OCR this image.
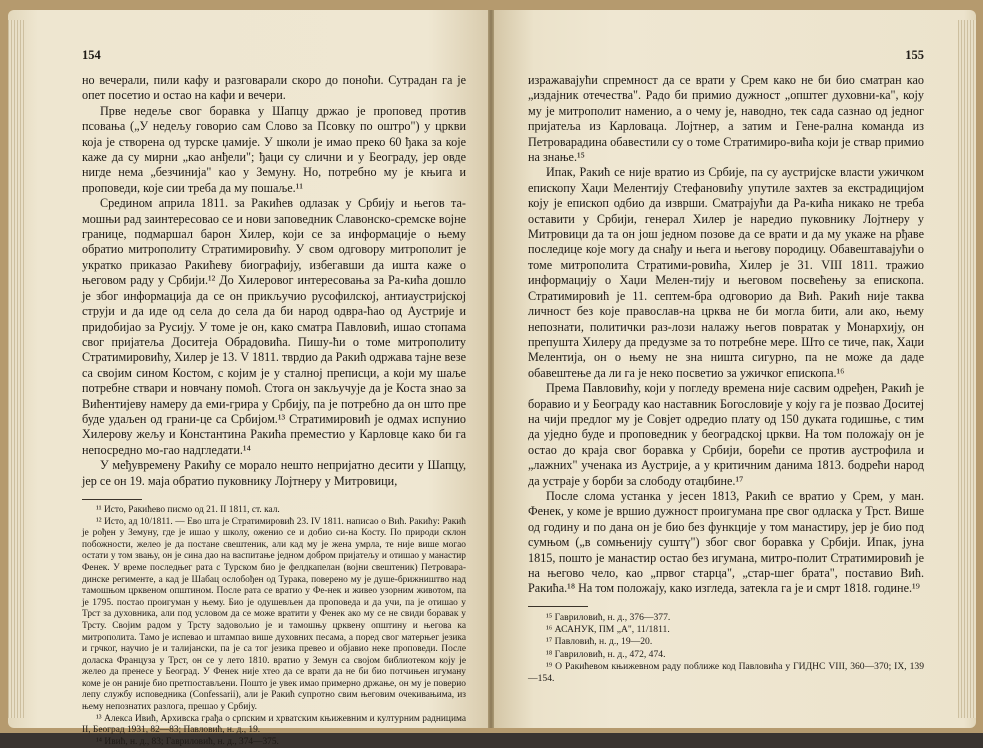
154

но вечерали, пили кафу и разговарали скоро до поноћи. Сутрадан га је опет посетио и остао на кафи и вечери.

Прве недеље свог боравка у Шапцу држао је проповед против псовања („У недељу говорио сам Слово за Псовку по оштро") у цркви која је створена од турске џамије. У школи је имао преко 60 ђака за које каже да су мирни „као анђели"; ђаци су слични и у Београду, јер овде нигде нема „безчинија" као у Земуну. Но, потребно му је књига и проповеди, које сии треба да му пошаље.¹¹

Средином априла 1811. за Ракићев одлазак у Србију и његов та-мошњи рад заинтересовао се и нови заповедник Славонско-сремске војне границе, подмаршал барон Хилер, који се за информације о њему обратио митрополиту Стратимировићу. У свом одговору митрополит је укратко приказао Ракићеву биографију, избегавши да ишта каже о његовом раду у Србији.¹² До Хилеровог интересовања за Ра-кића дошло је због информација да се он прикључио русофилској, антиаустријској струји и да иде од села до села да би народ одвра-ћао од Аустрије и придобијао за Русију. У томе је он, како сматра Павловић, ишао стопама свог пријатеља Доситеја Обрадовића. Пишу-ћи о томе митрополиту Стратимировићу, Хилер је 13. V 1811. тврдио да Ракић одржава тајне везе са својим сином Костом, с којим је у сталној преписци, а који му шаље потребне ствари и новчану помоћ. Стога он закључује да је Коста знао за Вићентијеву намеру да еми-грира у Србију, па је потребно да он што пре буде удаљен од грани-це са Србијом.¹³ Стратимировић је одмах испунио Хилерову жељу и Константина Ракића преместио у Карловце како би га непосредно мо-гао надгледати.¹⁴

У међувремену Ракићу се морало нешто непријатно десити у Шапцу, јер се он 19. маја обратио пуковнику Лојтнеру у Митровици,

¹¹ Исто, Ракићево писмо од 21. II 1811, ст. кал.

¹² Исто, ад 10/1811. — Ево шта је Стратимировић 23. IV 1811. написао о Вић. Ракићу: Ракић је рођен у Земуну, где је ишао у школу, оженио се и добио си-на Косту. По природи склон побожности, желео је да постане свештеник, али кад му је жена умрла, те није више могао остати у том звању, он је сина дао на васпитање једном добром пријатељу и отишао у манастир Фенек. У време последњег рата с Турском био је фелдкапелан (војни свештеник) Петроварa-динске регименте, а кад је Шабац ослобођен од Турака, поверено му је душе-брижништво над тамошњом црквеном општином. После рата се вратио у Фе-нек и живео узорним животом, па је 1795. постао проигуман у њему. Био је одушевљен да проповеда и да учи, па је отишао у Трст за духовника, али под условом да се може вратити у Фенек ако му се не свиди боравак у Трсту. Својим радом у Трсту задовољио је и тамошњу црквену општину и његова ка митрополита. Тамо је испевао и штампао више духовних песама, а поред свог матерњег језика и грчког, научио је и талијански, па је са тог језика превео и објавио неке проповеди. После доласка Француза у Трст, он се у лето 1810. вратио у Земун са својом библиотеком коју је желео да пренесе у Београд. У Фенек није хтео да се врати да не би био потчињен игуману коме је он раније био претпостављени. Пошто је увек имао примерно држање, он му је поверио лепу службу исповедника (Confessarii), али је Ракић супротно свим његовим очекивањима, из њему непознатих разлога, прешао у Србију.

¹³ Алекса Ивић, Архивска грађа о српским и хрватским књижевним и културним радницима II, Београд 1931, 82—83; Павловић, н. д., 19.

¹⁴ Ивић, н. д., 83; Гавриловић, н. д., 374—375.

155

изражавајући спремност да се врати у Срем како не би био сматран као „издајник отечества". Радо би примио дужност „општег духовни-ка", коју му је митрополит наменио, а о чему је, наводно, тек сада сазнао од једног пријатеља из Карловаца. Лојтнер, а затим и Гене-рална команда из Петроварадина обавестили су о томе Стратимиро-вића који је ствар примио на знање.¹⁵

Ипак, Ракић се није вратио из Србије, па су аустријске власти ужичком епископу Хаџи Мелентију Стефановићу упутиле захтев за екстрадицијом коју је епископ одбио да изврши. Сматрајући да Ра-кића никако не треба оставити у Србији, генерал Хилер је наредио пуковнику Лојтнеру у Митровици да та он још једном позове да се врати и да му укаже на рђаве последице које могу да снађу и њега и његову породицу. Обавештавајући о томе митрополита Стратими-ровића, Хилер је 31. VIII 1811. тражио информацију о Хаџи Мелен-тију и његовом посвећењу за епископа. Стратимировић је 11. септем-бра одговорио да Вић. Ракић није таква личност без које православ-на црква не би могла бити, али ако, њему непознати, политички раз-лози налажу његов повратак у Монархију, он препушта Хилеру да предузме за то потребне мере. Што се тиче, пак, Хаџи Мелентија, он о њему не зна ништа сигурно, па не може да даде обавештење да ли га је неко посветио за ужичког епископа.¹⁶

Према Павловићу, који у погледу времена није сасвим одређен, Ракић је боравио и у Београду као наставник Богословије у коју га је позвао Доситеј на чији предлог му је Совјет одредио плату од 150 дуката годишње, с тим да уједно буде и проповедник у београдској цркви. На том положају он је остао до краја свог боравка у Србији, борећи се против аустрофила и „лажних" ученака из Аустрије, а у критичним данима 1813. бодрећи народ да устраје у борби за слободу отаџбине.¹⁷

После слома устанка у јесен 1813, Ракић се вратио у Срем, у ман. Фенек, у коме је вршио дужност проигумана пре свог одласка у Трст. Више од годину и по дана он је био без функције у том манастиру, јер је био под сумњом („в сомњенију суштү") због свог боравка у Србији. Ипак, јуна 1815, пошто је манастир остао без игумана, митро-полит Стратимировић је на његово чело, као „првог старца", „стар-шег брата", поставио Вић. Ракића.¹⁸ На том положају, како изгледа, затекла га је и смрт 1818. године.¹⁹

¹⁵ Гавриловић, н. д., 376—377.

¹⁶ АСАНУК, ПМ „А", 11/1811.

¹⁷ Павловић, н. д., 19—20.

¹⁸ Гавриловић, н. д., 472, 474.

¹⁹ О Ракићевом књижевном раду поближе код Павловића у ГИДНС VIII, 360—370; IX, 139—154.
